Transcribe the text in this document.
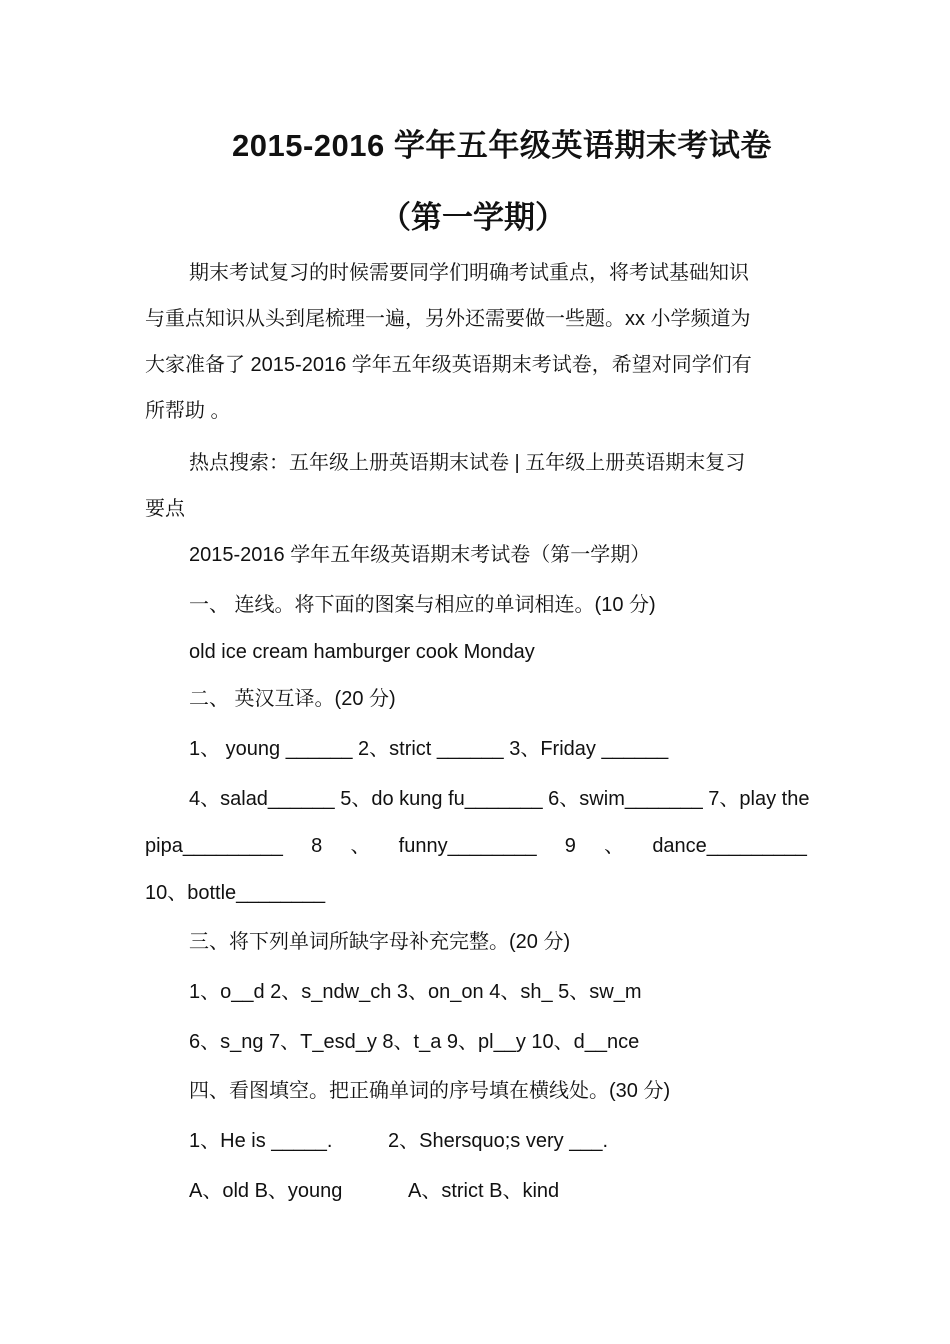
2015-2016 学年五年级英语期末考试卷
（第一学期）
期末考试复习的时候需要同学们明确考试重点，将考试基础知识
与重点知识从头到尾梳理一遍，另外还需要做一些题。xx 小学频道为
大家准备了 2015-2016 学年五年级英语期末考试卷，希望对同学们有
所帮助 。
热点搜索：五年级上册英语期末试卷 | 五年级上册英语期末复习
要点
2015-2016 学年五年级英语期末考试卷（第一学期）
一、 连线。将下面的图案与相应的单词相连。(10 分)
old ice cream hamburger cook Monday
二、 英汉互译。(20 分)
1、 young ______ 2、strict ______ 3、Friday ______
4、salad______ 5、do kung fu_______ 6、swim_______ 7、play the
pipa_________ 8 、 funny________ 9 、 dance_________
10、bottle________
三、将下列单词所缺字母补充完整。(20 分)
1、o__d 2、s_ndw_ch 3、on_on 4、sh_ 5、sw_m
6、s_ng 7、T_esd_y 8、t_a 9、pl__y 10、d__nce
四、看图填空。把正确单词的序号填在横线处。(30 分)
1、He is _____.	2、Shersquo;s very ___.
A、old B、young	A、strict B、kind
